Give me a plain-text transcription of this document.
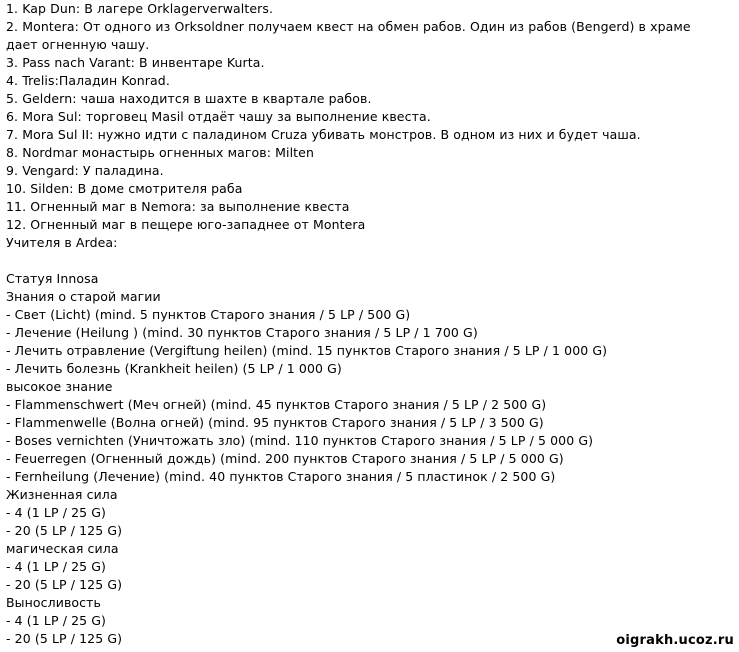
1. Kap Dun: В лагере Orklagerverwalters.
2. Montera: От одного из Orksoldner получаем квест на обмен рабов. Один из рабов (Bengerd) в храме
дает огненную чашу.
3. Pass nach Varant: В инвентаре Kurta.
4. Trelis:Паладин Konrad.
5. Geldern: чаша находится в шахте в квартале рабов.
6. Mora Sul: торговец Masil отдаёт чашу за выполнение квеста.
7. Mora Sul II: нужно идти с паладином Cruza убивать монстров. В одном из них и будет чаша.
8. Nordmar монастырь огненных магов: Milten
9. Vengard: У паладина.
10. Silden: В доме смотрителя раба
11. Огненный маг в Nemora: за выполнение квеста
12. Огненный маг в пещере юго-западнее от Montera
Учителя в Ardea:
Статуя Innosa
Знания о старой магии
- Свет (Licht) (mind. 5 пунктов Старого знания / 5 LP / 500 G)
- Лечение (Heilung ) (mind. 30 пунктов Старого знания / 5 LP / 1 700 G)
- Лечить отравление (Vergiftung heilen) (mind. 15 пунктов Старого знания / 5 LP / 1 000 G)
- Лечить болезнь (Krankheit heilen) (5 LP / 1 000 G)
высокое знание
- Flammenschwert (Меч огней) (mind. 45 пунктов Старого знания / 5 LP / 2 500 G)
- Flammenwelle (Волна огней) (mind. 95 пунктов Старого знания / 5 LP / 3 500 G)
- Boses vernichten (Уничтожать зло) (mind. 110 пунктов Старого знания / 5 LP / 5 000 G)
- Feuerregen (Огненный дождь) (mind. 200 пунктов Старого знания / 5 LP / 5 000 G)
- Fernheilung (Лечение) (mind. 40 пунктов Старого знания / 5 пластинок / 2 500 G)
Жизненная сила
- 4 (1 LP / 25 G)
- 20 (5 LP / 125 G)
магическая сила
- 4 (1 LP / 25 G)
- 20 (5 LP / 125 G)
Выносливость
- 4 (1 LP / 25 G)
- 20 (5 LP / 125 G)	oigrakh.ucoz.ru
